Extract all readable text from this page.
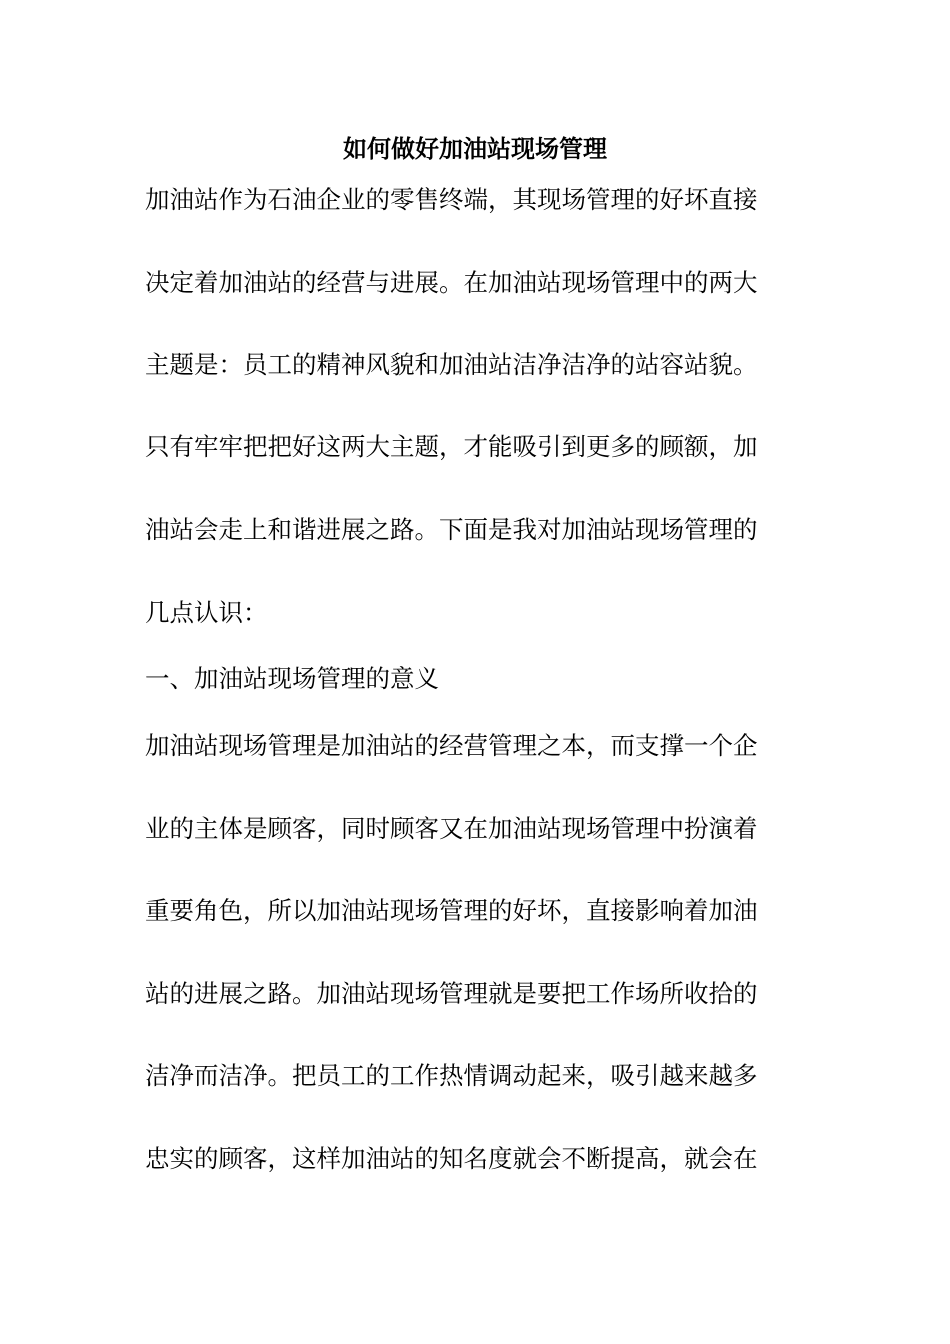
如何做好加油站现场管理
加油站作为石油企业的零售终端，其现场管理的好坏直接
决定着加油站的经营与进展。在加油站现场管理中的两大
主题是：员工的精神风貌和加油站洁净洁净的站容站貌。
只有牢牢把把好这两大主题，才能吸引到更多的顾额，加
油站会走上和谐进展之路。下面是我对加油站现场管理的
几点认识：
一、加油站现场管理的意义
加油站现场管理是加油站的经营管理之本，而支撑一个企
业的主体是顾客，同时顾客又在加油站现场管理中扮演着
重要角色，所以加油站现场管理的好坏，直接影响着加油
站的进展之路。加油站现场管理就是要把工作场所收拾的
洁净而洁净。把员工的工作热情调动起来，吸引越来越多
忠实的顾客，这样加油站的知名度就会不断提高，就会在
